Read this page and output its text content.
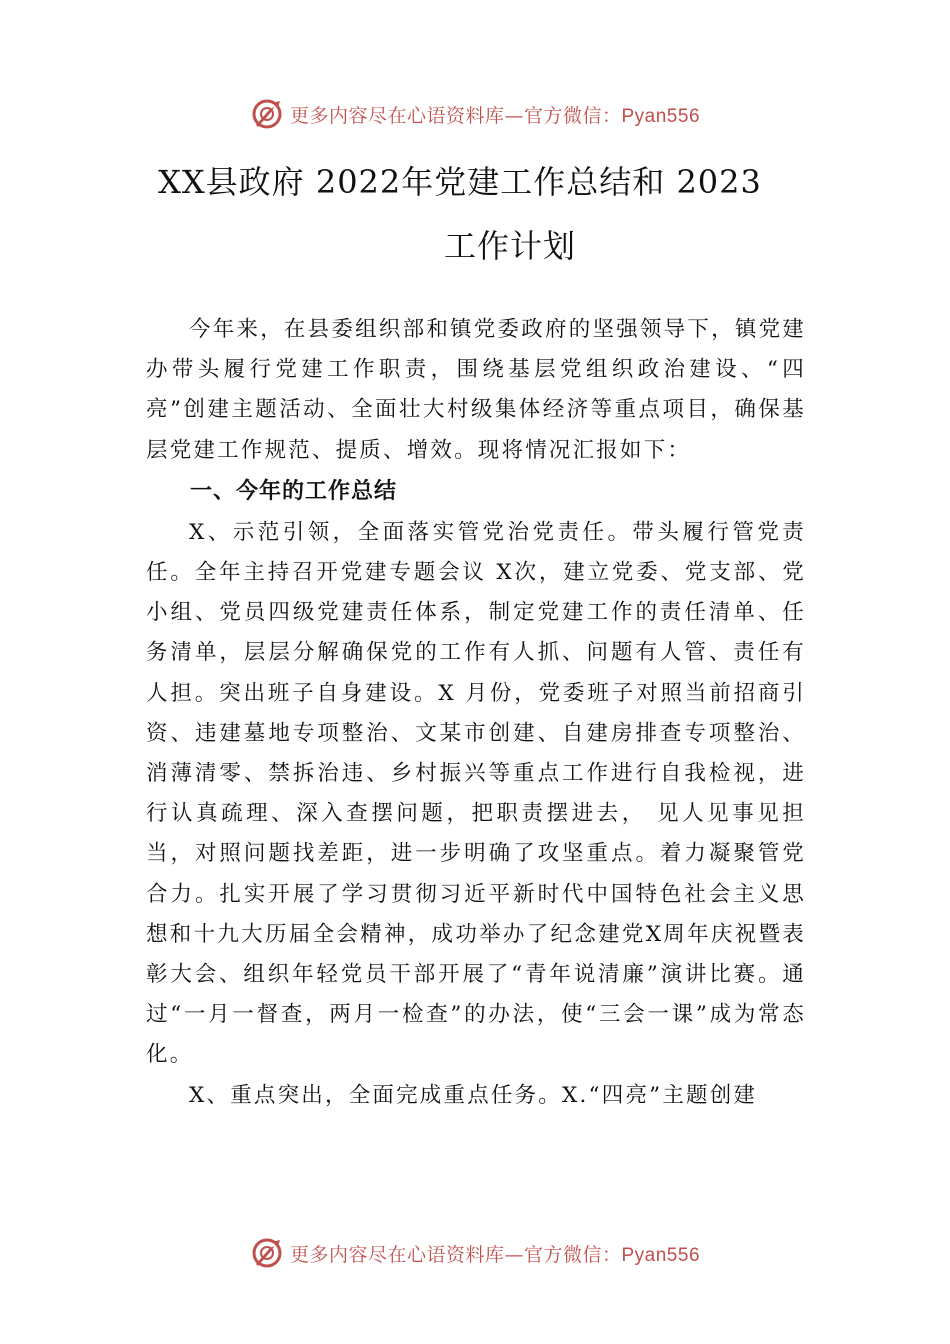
更多内容尽在心语资料库—官方微信：Pyan556
XX县政府 2022年党建工作总结和 2023
工作计划

今年来，在县委组织部和镇党委政府的坚强领导下，镇党建办带头履行党建工作职责，围绕基层党组织政治建设、“四亮”创建主题活动、全面壮大村级集体经济等重点项目，确保基层党建工作规范、提质、增效。现将情况汇报如下：

一、今年的工作总结

X、示范引领，全面落实管党治党责任。带头履行管党责任。全年主持召开党建专题会议 X次，建立党委、党支部、党小组、党员四级党建责任体系，制定党建工作的责任清单、任务清单，层层分解确保党的工作有人抓、问题有人管、责任有人担。突出班子自身建设。X 月份，党委班子对照当前招商引资、违建墓地专项整治、文某市创建、自建房排查专项整治、消薄清零、禁拆治违、乡村振兴等重点工作进行自我检视，进行认真疏理、深入查摆问题，把职责摆进去， 见人见事见担当，对照问题找差距，进一步明确了攻坚重点。着力凝聚管党合力。扎实开展了学习贯彻习近平新时代中国特色社会主义思想和十九大历届全会精神，成功举办了纪念建党X周年庆祝暨表彰大会、组织年轻党员干部开展了“青年说清廉”演讲比赛。通过“一月一督查，两月一检查”的办法，使“三会一课”成为常态化。

X、重点突出，全面完成重点任务。X.“四亮”主题创建

更多内容尽在心语资料库—官方微信：Pyan556
